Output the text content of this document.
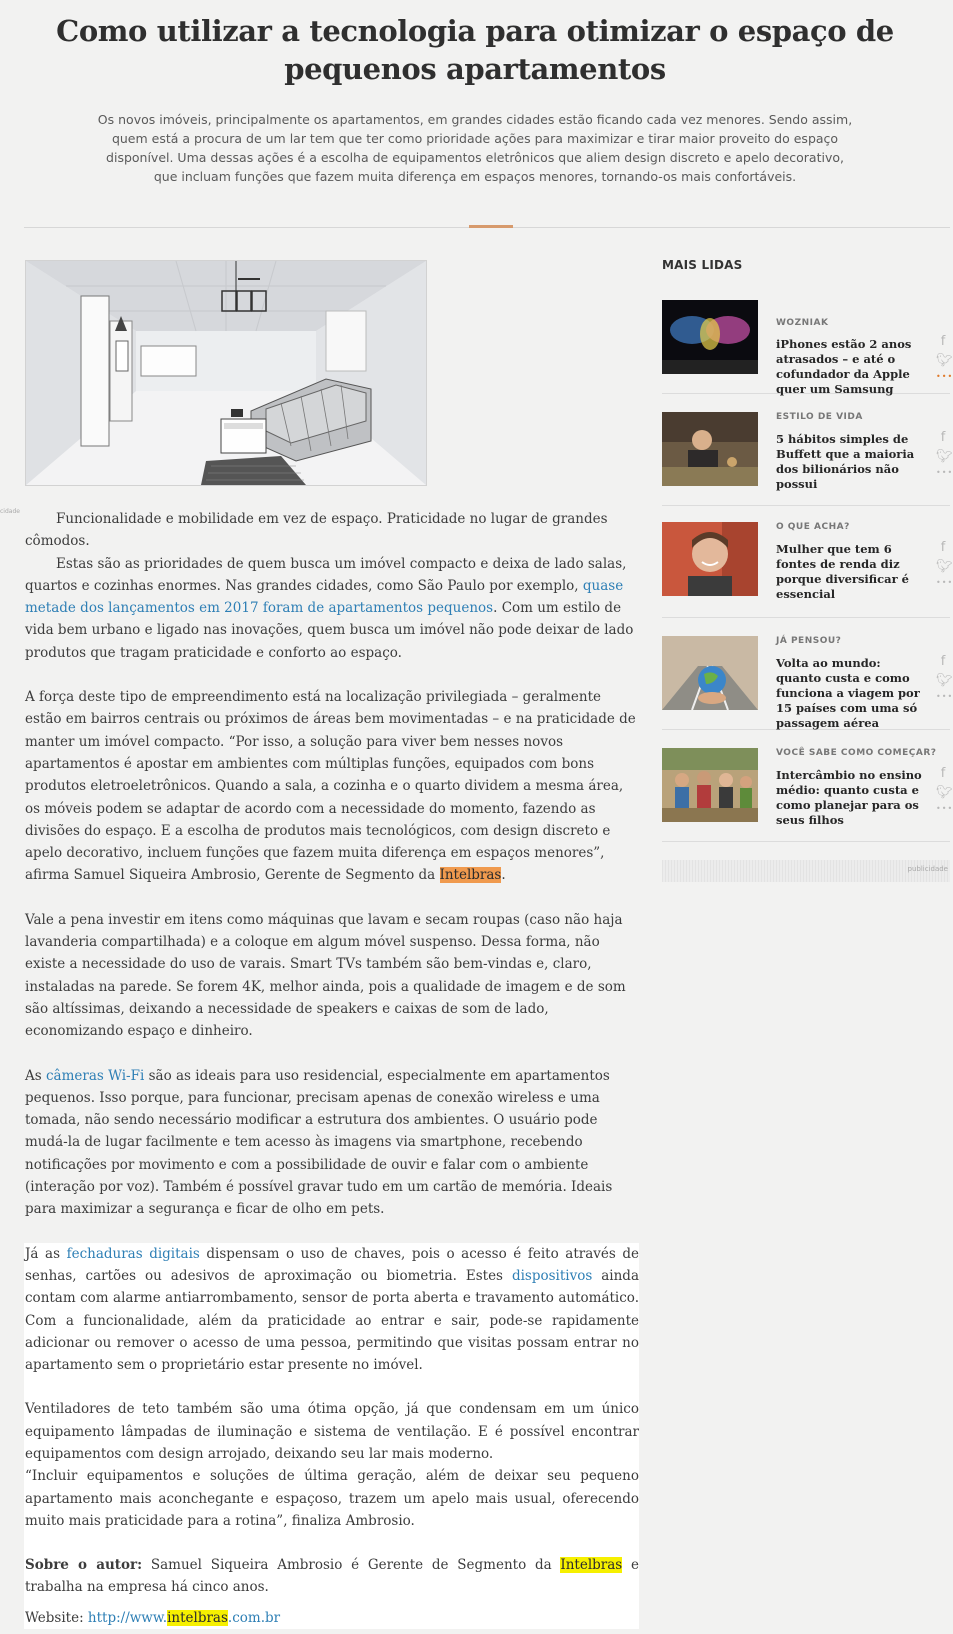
Como utilizar a tecnologia para otimizar o espaço de pequenos apartamentos

Os novos imóveis, principalmente os apartamentos, em grandes cidades estão ficando cada vez menores. Sendo assim, quem está a procura de um lar tem que ter como prioridade ações para maximizar e tirar maior proveito do espaço disponível. Uma dessas ações é a escolha de equipamentos eletrônicos que aliem design discreto e apelo decorativo, que incluam funções que fazem muita diferença em espaços menores, tornando-os mais confortáveis.

cidade	Funcionalidade e mobilidade em vez de espaço. Praticidade no lugar de grandes cômodos.

Estas são as prioridades de quem busca um imóvel compacto e deixa de lado salas, quartos e cozinhas enormes. Nas grandes cidades, como São Paulo por exemplo, quase metade dos lançamentos em 2017 foram de apartamentos pequenos. Com um estilo de vida bem urbano e ligado nas inovações, quem busca um imóvel não pode deixar de lado produtos que tragam praticidade e conforto ao espaço.

A força deste tipo de empreendimento está na localização privilegiada – geralmente estão em bairros centrais ou próximos de áreas bem movimentadas – e na praticidade de manter um imóvel compacto. “Por isso, a solução para viver bem nesses novos apartamentos é apostar em ambientes com múltiplas funções, equipados com bons produtos eletroeletrônicos. Quando a sala, a cozinha e o quarto dividem a mesma área, os móveis podem se adaptar de acordo com a necessidade do momento, fazendo as divisões do espaço. E a escolha de produtos mais tecnológicos, com design discreto e apelo decorativo, incluem funções que fazem muita diferença em espaços menores”, afirma Samuel Siqueira Ambrosio, Gerente de Segmento da Intelbras.

Vale a pena investir em itens como máquinas que lavam e secam roupas (caso não haja lavanderia compartilhada) e a coloque em algum móvel suspenso. Dessa forma, não existe a necessidade do uso de varais. Smart TVs também são bem-vindas e, claro, instaladas na parede. Se forem 4K, melhor ainda, pois a qualidade de imagem e de som são altíssimas, deixando a necessidade de speakers e caixas de som de lado, economizando espaço e dinheiro.

As câmeras Wi-Fi são as ideais para uso residencial, especialmente em apartamentos pequenos. Isso porque, para funcionar, precisam apenas de conexão wireless e uma tomada, não sendo necessário modificar a estrutura dos ambientes. O usuário pode mudá-la de lugar facilmente e tem acesso às imagens via smartphone, recebendo notificações por movimento e com a possibilidade de ouvir e falar com o ambiente (interação por voz). Também é possível gravar tudo em um cartão de memória. Ideais para maximizar a segurança e ficar de olho em pets.

Já as fechaduras digitais dispensam o uso de chaves, pois o acesso é feito através de senhas, cartões ou adesivos de aproximação ou biometria. Estes dispositivos ainda contam com alarme antiarrombamento, sensor de porta aberta e travamento automático. Com a funcionalidade, além da praticidade ao entrar e sair, pode-se rapidamente adicionar ou remover o acesso de uma pessoa, permitindo que visitas possam entrar no apartamento sem o proprietário estar presente no imóvel.

Ventiladores de teto também são uma ótima opção, já que condensam em um único equipamento lâmpadas de iluminação e sistema de ventilação. E é possível encontrar equipamentos com design arrojado, deixando seu lar mais moderno.

“Incluir equipamentos e soluções de última geração, além de deixar seu pequeno apartamento mais aconchegante e espaçoso, trazem um apelo mais usual, oferecendo muito mais praticidade para a rotina”, finaliza Ambrosio.

Sobre o autor: Samuel Siqueira Ambrosio é Gerente de Segmento da Intelbras e trabalha na empresa há cinco anos.

Website: http://www.intelbras.com.br
MAIS LIDAS
WOZNIAK
iPhones estão 2 anos atrasados – e até o cofundador da Apple quer um Samsung
f
🐦︎
•••
ESTILO DE VIDA
5 hábitos simples de Buffett que a maioria dos bilionários não possui
f
🐦︎
•••
O QUE ACHA?
Mulher que tem 6 fontes de renda diz porque diversificar é essencial
f
🐦︎
•••
JÁ PENSOU?
Volta ao mundo: quanto custa e como funciona a viagem por 15 países com uma só passagem aérea
f
🐦︎
•••
VOCÊ SABE COMO COMEÇAR?
Intercâmbio no ensino médio: quanto custa e como planejar para os seus filhos
f
🐦︎
•••
publicidade
